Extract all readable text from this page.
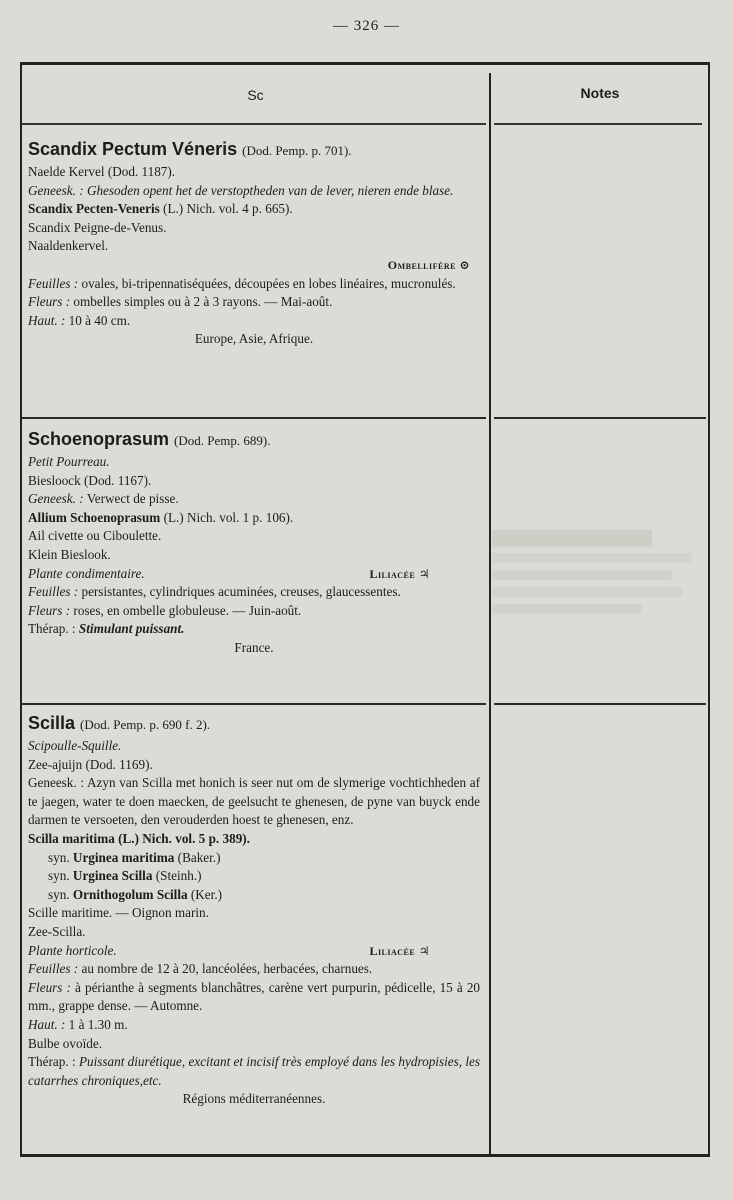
— 326 —
Sc	Notes
Scandix Pectum Véneris (Dod. Pemp. p. 701).
Naelde Kervel (Dod. 1187).
Geneesk. : Ghesoden opent het de verstoptheden van de lever, nieren ende blase.
Scandix Pecten-Veneris (L.) Nich. vol. 4 p. 665).
Scandix Peigne-de-Venus.
Naaldenkervel.
Ombellifère ⊙
Feuilles : ovales, bi-tripennatiséquées, découpées en lobes linéaires, mucronulés.
Fleurs : ombelles simples ou à 2 à 3 rayons. — Mai-août.
Haut. : 10 à 40 cm.
Europe, Asie, Afrique.
Schoenoprasum (Dod. Pemp. 689).
Petit Pourreau.
Biesloock (Dod. 1167).
Geneesk. : Verwect de pisse.
Allium Schoenoprasum (L.) Nich. vol. 1 p. 106).
Ail civette ou Ciboulette.
Klein Bieslook.
Plante condimentaire.	Liliacée ♃
Feuilles : persistantes, cylindriques acuminées, creuses, glaucessentes.
Fleurs : roses, en ombelle globuleuse. — Juin-août.
Thérap. : Stimulant puissant.
France.
Scilla (Dod. Pemp. p. 690 f. 2).
Scipoulle-Squille.
Zee-ajuijn (Dod. 1169).
Geneesk. : Azyn van Scilla met honich is seer nut om de slymerige vochtichheden af te jaegen, water te doen maecken, de geelsucht te ghenesen, de pyne van buyck ende darmen te versoeten, den verouderden hoest te ghenesen, enz.
Scilla maritima (L.) Nich. vol. 5 p. 389).
syn. Urginea maritima (Baker.)
syn. Urginea Scilla (Steinh.)
syn. Ornithogolum Scilla (Ker.)
Scille maritime. — Oignon marin.
Zee-Scilla.
Plante horticole.	Liliacée ♃
Feuilles : au nombre de 12 à 20, lancéolées, herbacées, charnues.
Fleurs : à périanthe à segments blanchâtres, carène vert purpurin, pédicelle, 15 à 20 mm., grappe dense. — Automne.
Haut. : 1 à 1.30 m.
Bulbe ovoïde.
Thérap. : Puissant diurétique, excitant et incisif très employé dans les hydropisies, les catarrhes chroniques,etc.
Régions méditerranéennes.
